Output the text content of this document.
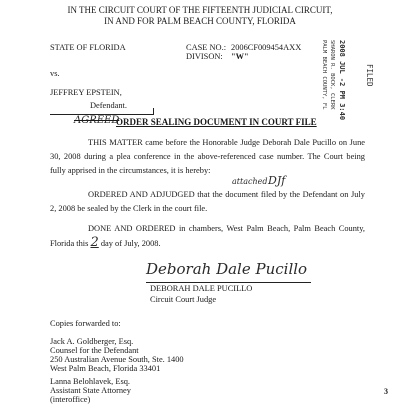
IN THE CIRCUIT COURT OF THE FIFTEENTH JUDICIAL CIRCUIT,
IN AND FOR PALM BEACH COUNTY, FLORIDA
STATE OF FLORIDA
vs.
JEFFREY EPSTEIN,
Defendant.
CASE NO.: 2006CF009454AXX
DIVISON: "W"	2008 JUL -2 PM 3:40	FILED
SHARON R. BOCK, CLERK
PALM BEACH COUNTY, FL
AGREED
ORDER SEALING DOCUMENT IN COURT FILE
THIS MATTER came before the Honorable Judge Deborah Dale Pucillo on June 30, 2008 during a plea conference in the above-referenced case number. The Court being fully apprised in the circumstances, it is hereby:
attached DJf
ORDERED AND ADJUDGED that the document filed by the Defendant on July 2, 2008 be sealed by the Clerk in the court file.
DONE AND ORDERED in chambers, West Palm Beach, Palm Beach County, Florida this 2 day of July, 2008.
Deborah Dale Pucillo
DEBORAH DALE PUCILLO
Circuit Court Judge
Copies forwarded to:
Jack A. Goldberger, Esq.
Counsel for the Defendant
250 Australian Avenue South, Ste. 1400
West Palm Beach, Florida 33401
Lanna Belohlavek, Esq.
Assistant State Attorney
(interoffice)
3
